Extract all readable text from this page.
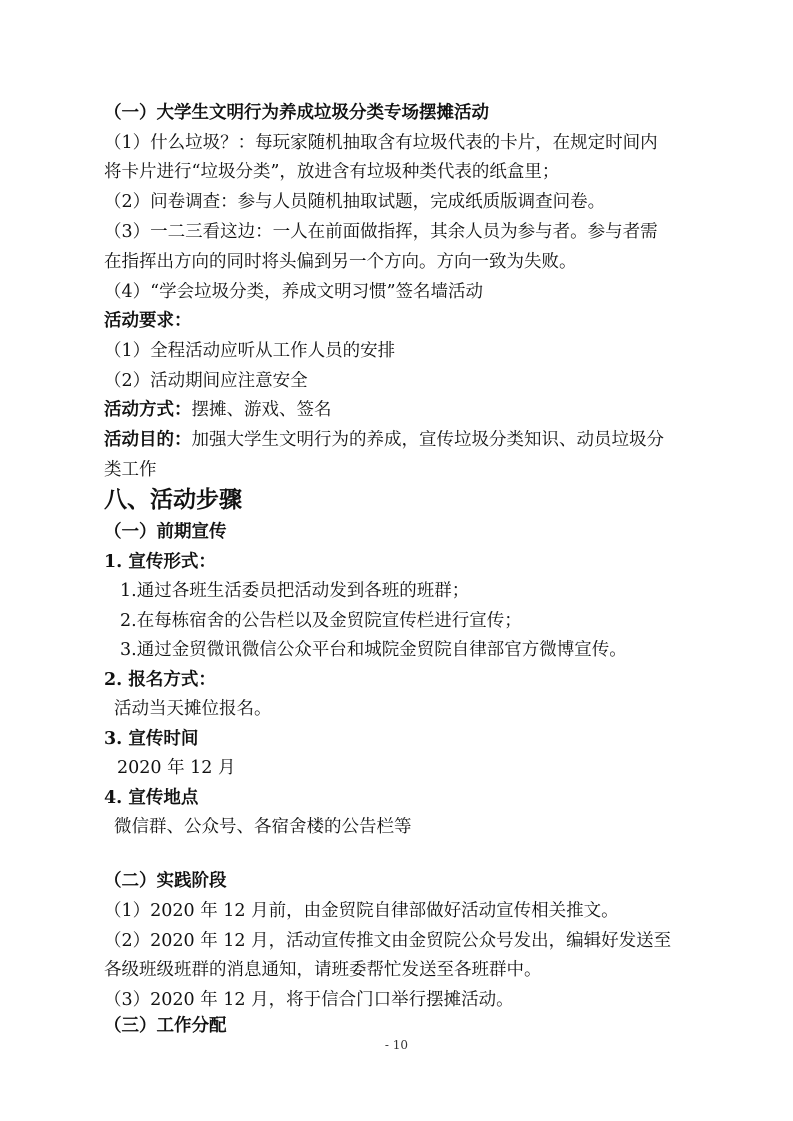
（一）大学生文明行为养成垃圾分类专场摆摊活动
（1）什么垃圾？：每玩家随机抽取含有垃圾代表的卡片，在规定时间内
将卡片进行“垃圾分类”，放进含有垃圾种类代表的纸盒里；
（2）问卷调查：参与人员随机抽取试题，完成纸质版调查问卷。
（3）一二三看这边：一人在前面做指挥，其余人员为参与者。参与者需
在指挥出方向的同时将头偏到另一个方向。方向一致为失败。
（4）“学会垃圾分类，养成文明习惯”签名墙活动
活动要求：
（1）全程活动应听从工作人员的安排
（2）活动期间应注意安全
活动方式：摆摊、游戏、签名
活动目的：加强大学生文明行为的养成，宣传垃圾分类知识、动员垃圾分
类工作
八、活动步骤
（一）前期宣传
1. 宣传形式：
1.通过各班生活委员把活动发到各班的班群；
2.在每栋宿舍的公告栏以及金贸院宣传栏进行宣传；
3.通过金贸微讯微信公众平台和城院金贸院自律部官方微博宣传。
2. 报名方式：
活动当天摊位报名。
3. 宣传时间
2020 年 12 月
4. 宣传地点
微信群、公众号、各宿舍楼的公告栏等
（二）实践阶段
（1）2020 年 12 月前，由金贸院自律部做好活动宣传相关推文。
（2）2020 年 12 月，活动宣传推文由金贸院公众号发出，编辑好发送至
各级班级班群的消息通知，请班委帮忙发送至各班群中。
（3）2020 年 12 月，将于信合门口举行摆摊活动。
（三）工作分配
- 10
